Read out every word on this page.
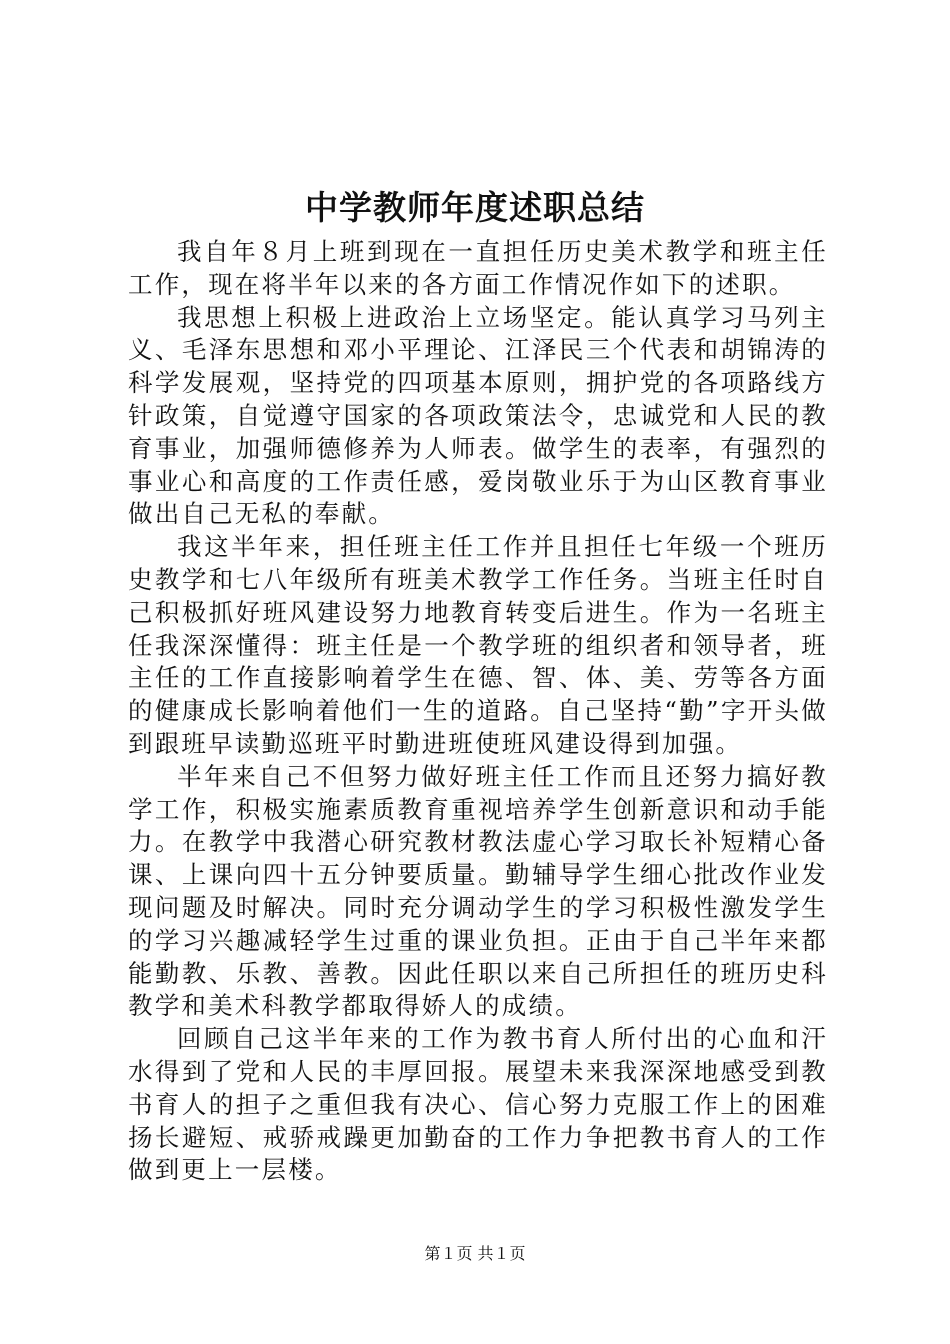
中学教师年度述职总结

我自年８月上班到现在一直担任历史美术教学和班主任工作，现在将半年以来的各方面工作情况作如下的述职。

我思想上积极上进政治上立场坚定。能认真学习马列主义、毛泽东思想和邓小平理论、江泽民三个代表和胡锦涛的科学发展观，坚持党的四项基本原则，拥护党的各项路线方针政策，自觉遵守国家的各项政策法令，忠诚党和人民的教育事业，加强师德修养为人师表。做学生的表率，有强烈的事业心和高度的工作责任感，爱岗敬业乐于为山区教育事业做出自己无私的奉献。

我这半年来，担任班主任工作并且担任七年级一个班历史教学和七八年级所有班美术教学工作任务。当班主任时自己积极抓好班风建设努力地教育转变后进生。作为一名班主任我深深懂得：班主任是一个教学班的组织者和领导者，班主任的工作直接影响着学生在德、智、体、美、劳等各方面的健康成长影响着他们一生的道路。自己坚持“勤”字开头做到跟班早读勤巡班平时勤进班使班风建设得到加强。

半年来自己不但努力做好班主任工作而且还努力搞好教学工作，积极实施素质教育重视培养学生创新意识和动手能力。在教学中我潜心研究教材教法虚心学习取长补短精心备课、上课向四十五分钟要质量。勤辅导学生细心批改作业发现问题及时解决。同时充分调动学生的学习积极性激发学生的学习兴趣减轻学生过重的课业负担。正由于自己半年来都能勤教、乐教、善教。因此任职以来自己所担任的班历史科教学和美术科教学都取得娇人的成绩。

回顾自己这半年来的工作为教书育人所付出的心血和汗水得到了党和人民的丰厚回报。展望未来我深深地感受到教书育人的担子之重但我有决心、信心努力克服工作上的困难扬长避短、戒骄戒躁更加勤奋的工作力争把教书育人的工作做到更上一层楼。

第１页 共１页
